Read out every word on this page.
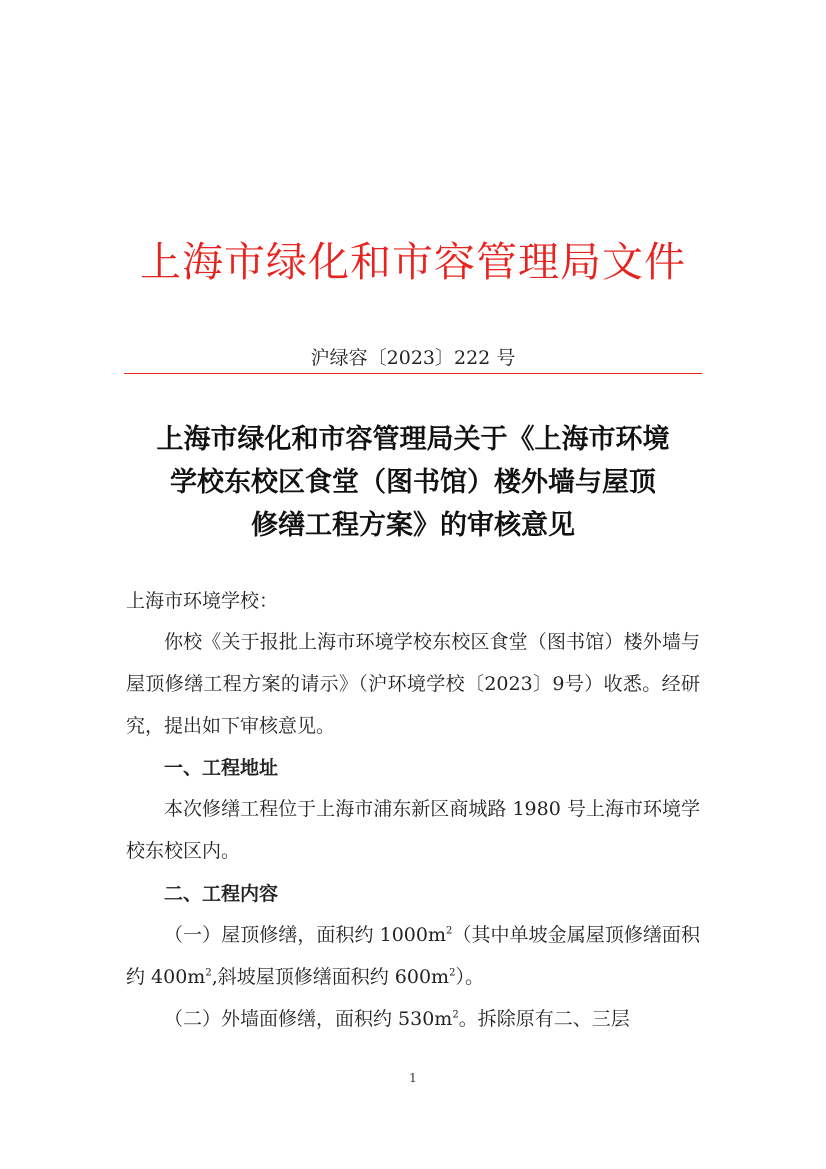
上海市绿化和市容管理局文件
沪绿容〔2023〕222 号
上海市绿化和市容管理局关于《上海市环境
学校东校区食堂（图书馆）楼外墙与屋顶
修缮工程方案》的审核意见
上海市环境学校：
你校《关于报批上海市环境学校东校区食堂（图书馆）楼外墙与屋顶修缮工程方案的请示》（沪环境学校〔2023〕9号）收悉。经研究，提出如下审核意见。
一、工程地址
本次修缮工程位于上海市浦东新区商城路 1980 号上海市环境学校东校区内。
二、工程内容
（一）屋顶修缮，面积约 $1000m^2$（其中单坡金属屋顶修缮面积约 $400m^2$,斜坡屋顶修缮面积约 $600m^2$）。
（二）外墙面修缮，面积约 $530m^2$。拆除原有二、三层
1
